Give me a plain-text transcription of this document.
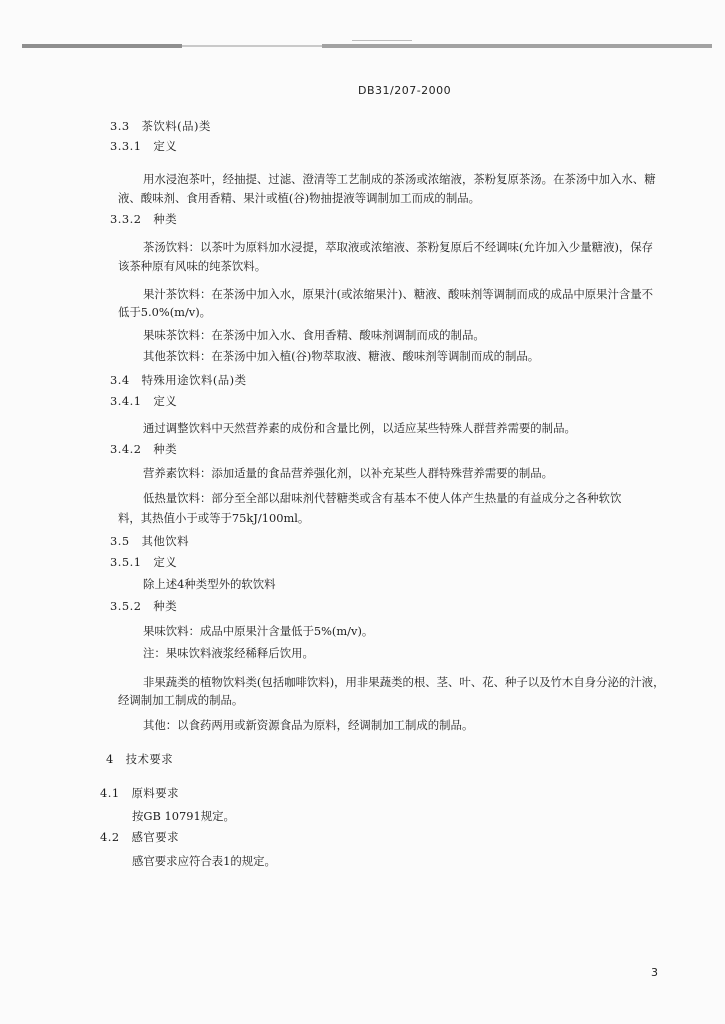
DB31/207-2000
3.3　茶饮料(品)类
3.3.1　定义
用水浸泡茶叶，经抽提、过滤、澄清等工艺制成的茶汤或浓缩液，茶粉复原茶汤。在茶汤中加入水、糖
液、酸味剂、食用香精、果汁或植(谷)物抽提液等调制加工而成的制品。
3.3.2　种类
茶汤饮料：以茶叶为原料加水浸提，萃取液或浓缩液、茶粉复原后不经调味(允许加入少量糖液)，保存
该茶种原有风味的纯茶饮料。
果汁茶饮料：在茶汤中加入水，原果汁(或浓缩果汁)、糖液、酸味剂等调制而成的成品中原果汁含量不
低于5.0%(m/v)。
果味茶饮料：在茶汤中加入水、食用香精、酸味剂调制而成的制品。
其他茶饮料：在茶汤中加入植(谷)物萃取液、糖液、酸味剂等调制而成的制品。
3.4　特殊用途饮料(品)类
3.4.1　定义
通过调整饮料中天然营养素的成份和含量比例，以适应某些特殊人群营养需要的制品。
3.4.2　种类
营养素饮料：添加适量的食品营养强化剂，以补充某些人群特殊营养需要的制品。
低热量饮料：部分至全部以甜味剂代替糖类或含有基本不使人体产生热量的有益成分之各种软饮
料，其热值小于或等于75kJ/100ml。
3.5　其他饮料
3.5.1　定义
除上述4种类型外的软饮料
3.5.2　种类
果味饮料：成品中原果汁含量低于5%(m/v)。
注：果味饮料液浆经稀释后饮用。
非果蔬类的植物饮料类(包括咖啡饮料)，用非果蔬类的根、茎、叶、花、种子以及竹木自身分泌的汁液，
经调制加工制成的制品。
其他：以食药两用或新资源食品为原料，经调制加工制成的制品。
4　技术要求
4.1　原料要求
按GB 10791规定。
4.2　感官要求
感官要求应符合表1的规定。
3
